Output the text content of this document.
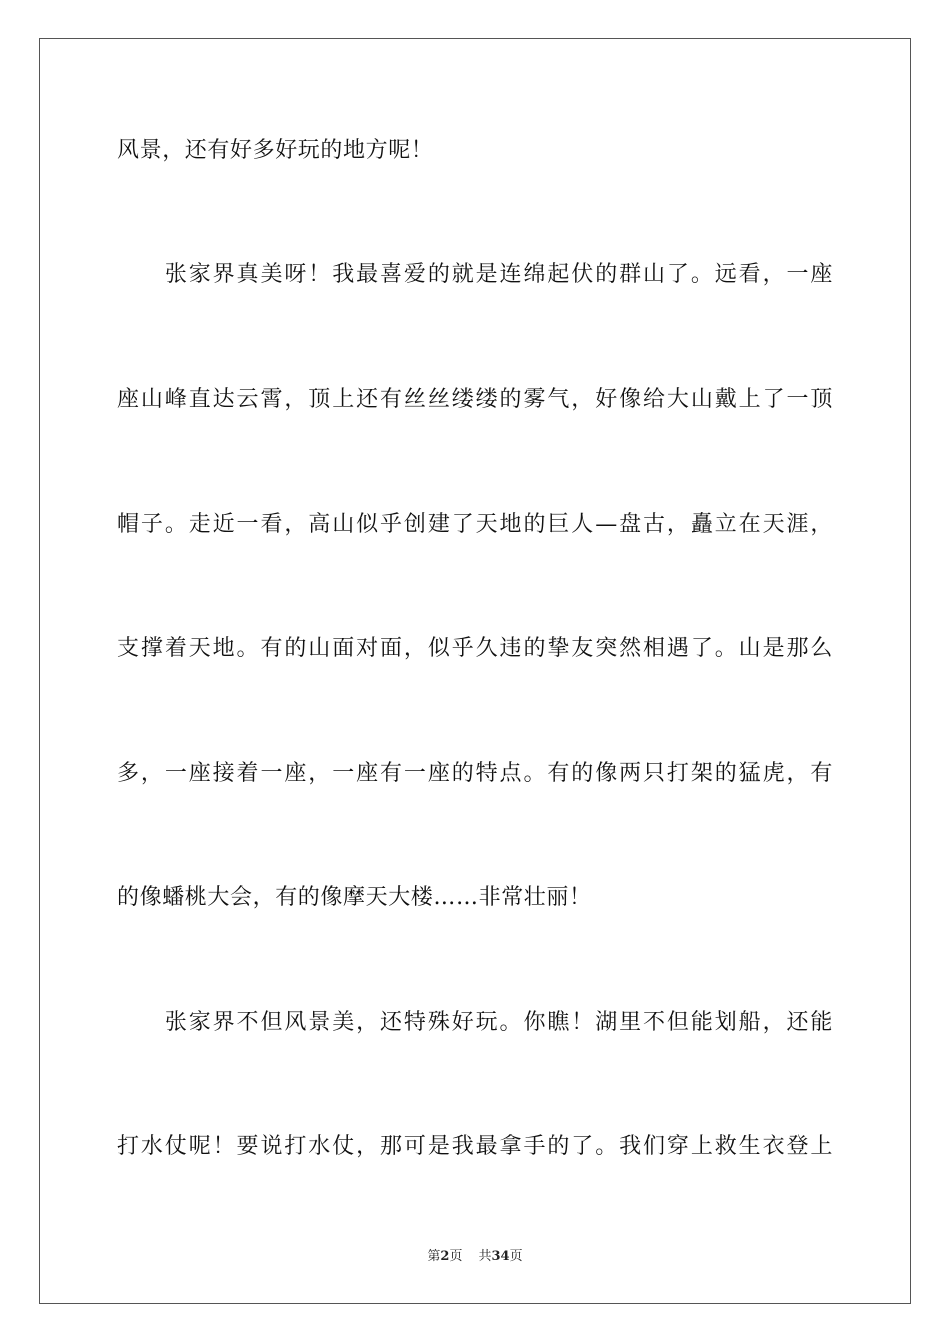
风景，还有好多好玩的地方呢！
　　张家界真美呀！我最喜爱的就是连绵起伏的群山了。远看，一座
座山峰直达云霄，顶上还有丝丝缕缕的雾气，好像给大山戴上了一顶
帽子。走近一看，高山似乎创建了天地的巨人—盘古，矗立在天涯，
支撑着天地。有的山面对面，似乎久违的挚友突然相遇了。山是那么
多，一座接着一座，一座有一座的特点。有的像两只打架的猛虎，有
的像蟠桃大会，有的像摩天大楼……非常壮丽！
　　张家界不但风景美，还特殊好玩。你瞧！湖里不但能划船，还能
打水仗呢！要说打水仗，那可是我最拿手的了。我们穿上救生衣登上
第2页 共34页
